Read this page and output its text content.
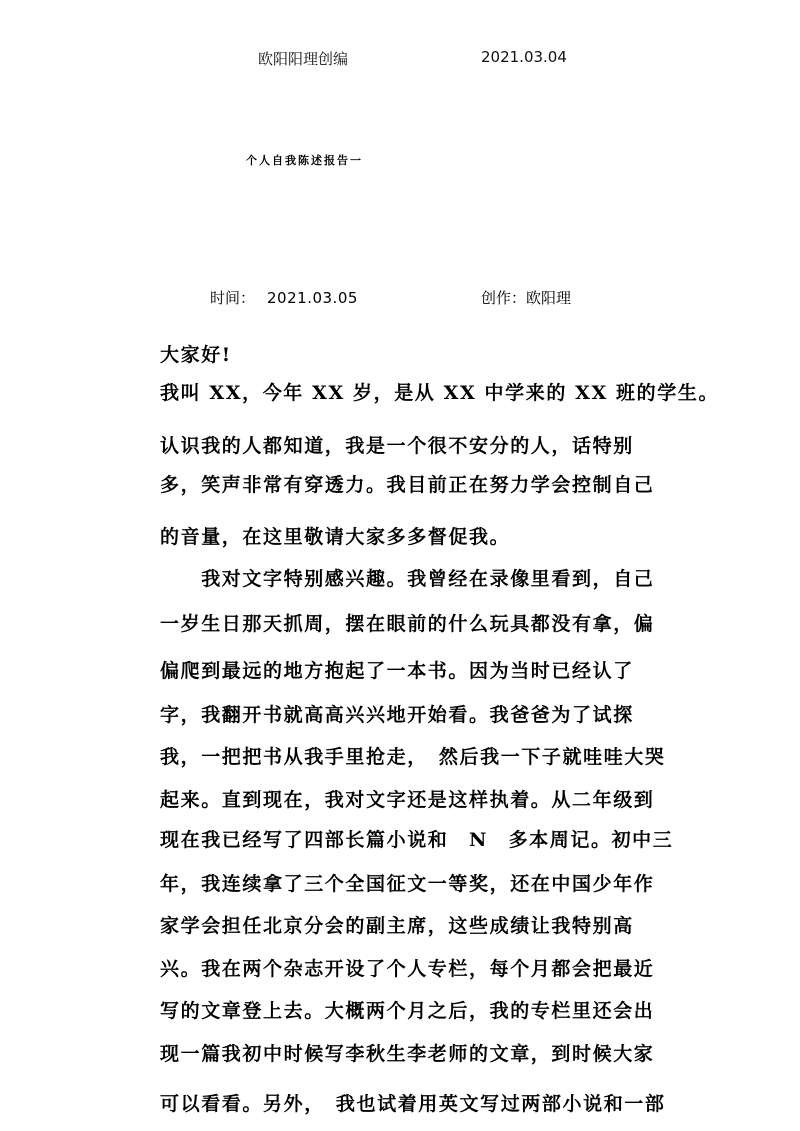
欧阳阳理创编	2021.03.04
个人自我陈述报告一
时间： 2021.03.05	创作：欧阳理
大家好!
我叫 XX，今年 XX 岁，是从 XX 中学来的 XX 班的学生。
认识我的人都知道，我是一个很不安分的人，话特别
多，笑声非常有穿透力。我目前正在努力学会控制自己
的音量，在这里敬请大家多多督促我。
　　我对文字特别感兴趣。我曾经在录像里看到，自己
一岁生日那天抓周，摆在眼前的什么玩具都没有拿，偏
偏爬到最远的地方抱起了一本书。因为当时已经认了
字，我翻开书就高高兴兴地开始看。我爸爸为了试探
我，一把把书从我手里抢走，　然后我一下子就哇哇大哭
起来。直到现在，我对文字还是这样执着。从二年级到
现在我已经写了四部长篇小说和　N　多本周记。初中三
年，我连续拿了三个全国征文一等奖，还在中国少年作
家学会担任北京分会的副主席，这些成绩让我特别高
兴。我在两个杂志开设了个人专栏，每个月都会把最近
写的文章登上去。大概两个月之后，我的专栏里还会出
现一篇我初中时候写李秋生李老师的文章，到时候大家
可以看看。另外，　我也试着用英文写过两部小说和一部
